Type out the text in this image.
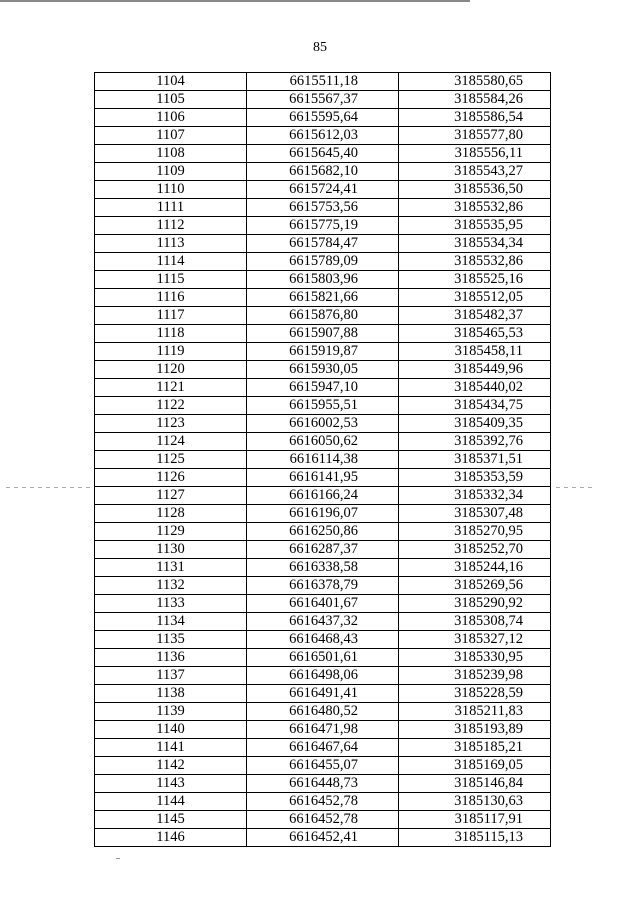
85
1104	6615511,18	3185580,65
1105	6615567,37	3185584,26
1106	6615595,64	3185586,54
1107	6615612,03	3185577,80
1108	6615645,40	3185556,11
1109	6615682,10	3185543,27
1110	6615724,41	3185536,50
1111	6615753,56	3185532,86
1112	6615775,19	3185535,95
1113	6615784,47	3185534,34
1114	6615789,09	3185532,86
1115	6615803,96	3185525,16
1116	6615821,66	3185512,05
1117	6615876,80	3185482,37
1118	6615907,88	3185465,53
1119	6615919,87	3185458,11
1120	6615930,05	3185449,96
1121	6615947,10	3185440,02
1122	6615955,51	3185434,75
1123	6616002,53	3185409,35
1124	6616050,62	3185392,76
1125	6616114,38	3185371,51
1126	6616141,95	3185353,59
1127	6616166,24	3185332,34
1128	6616196,07	3185307,48
1129	6616250,86	3185270,95
1130	6616287,37	3185252,70
1131	6616338,58	3185244,16
1132	6616378,79	3185269,56
1133	6616401,67	3185290,92
1134	6616437,32	3185308,74
1135	6616468,43	3185327,12
1136	6616501,61	3185330,95
1137	6616498,06	3185239,98
1138	6616491,41	3185228,59
1139	6616480,52	3185211,83
1140	6616471,98	3185193,89
1141	6616467,64	3185185,21
1142	6616455,07	3185169,05
1143	6616448,73	3185146,84
1144	6616452,78	3185130,63
1145	6616452,78	3185117,91
1146	6616452,41	3185115,13
